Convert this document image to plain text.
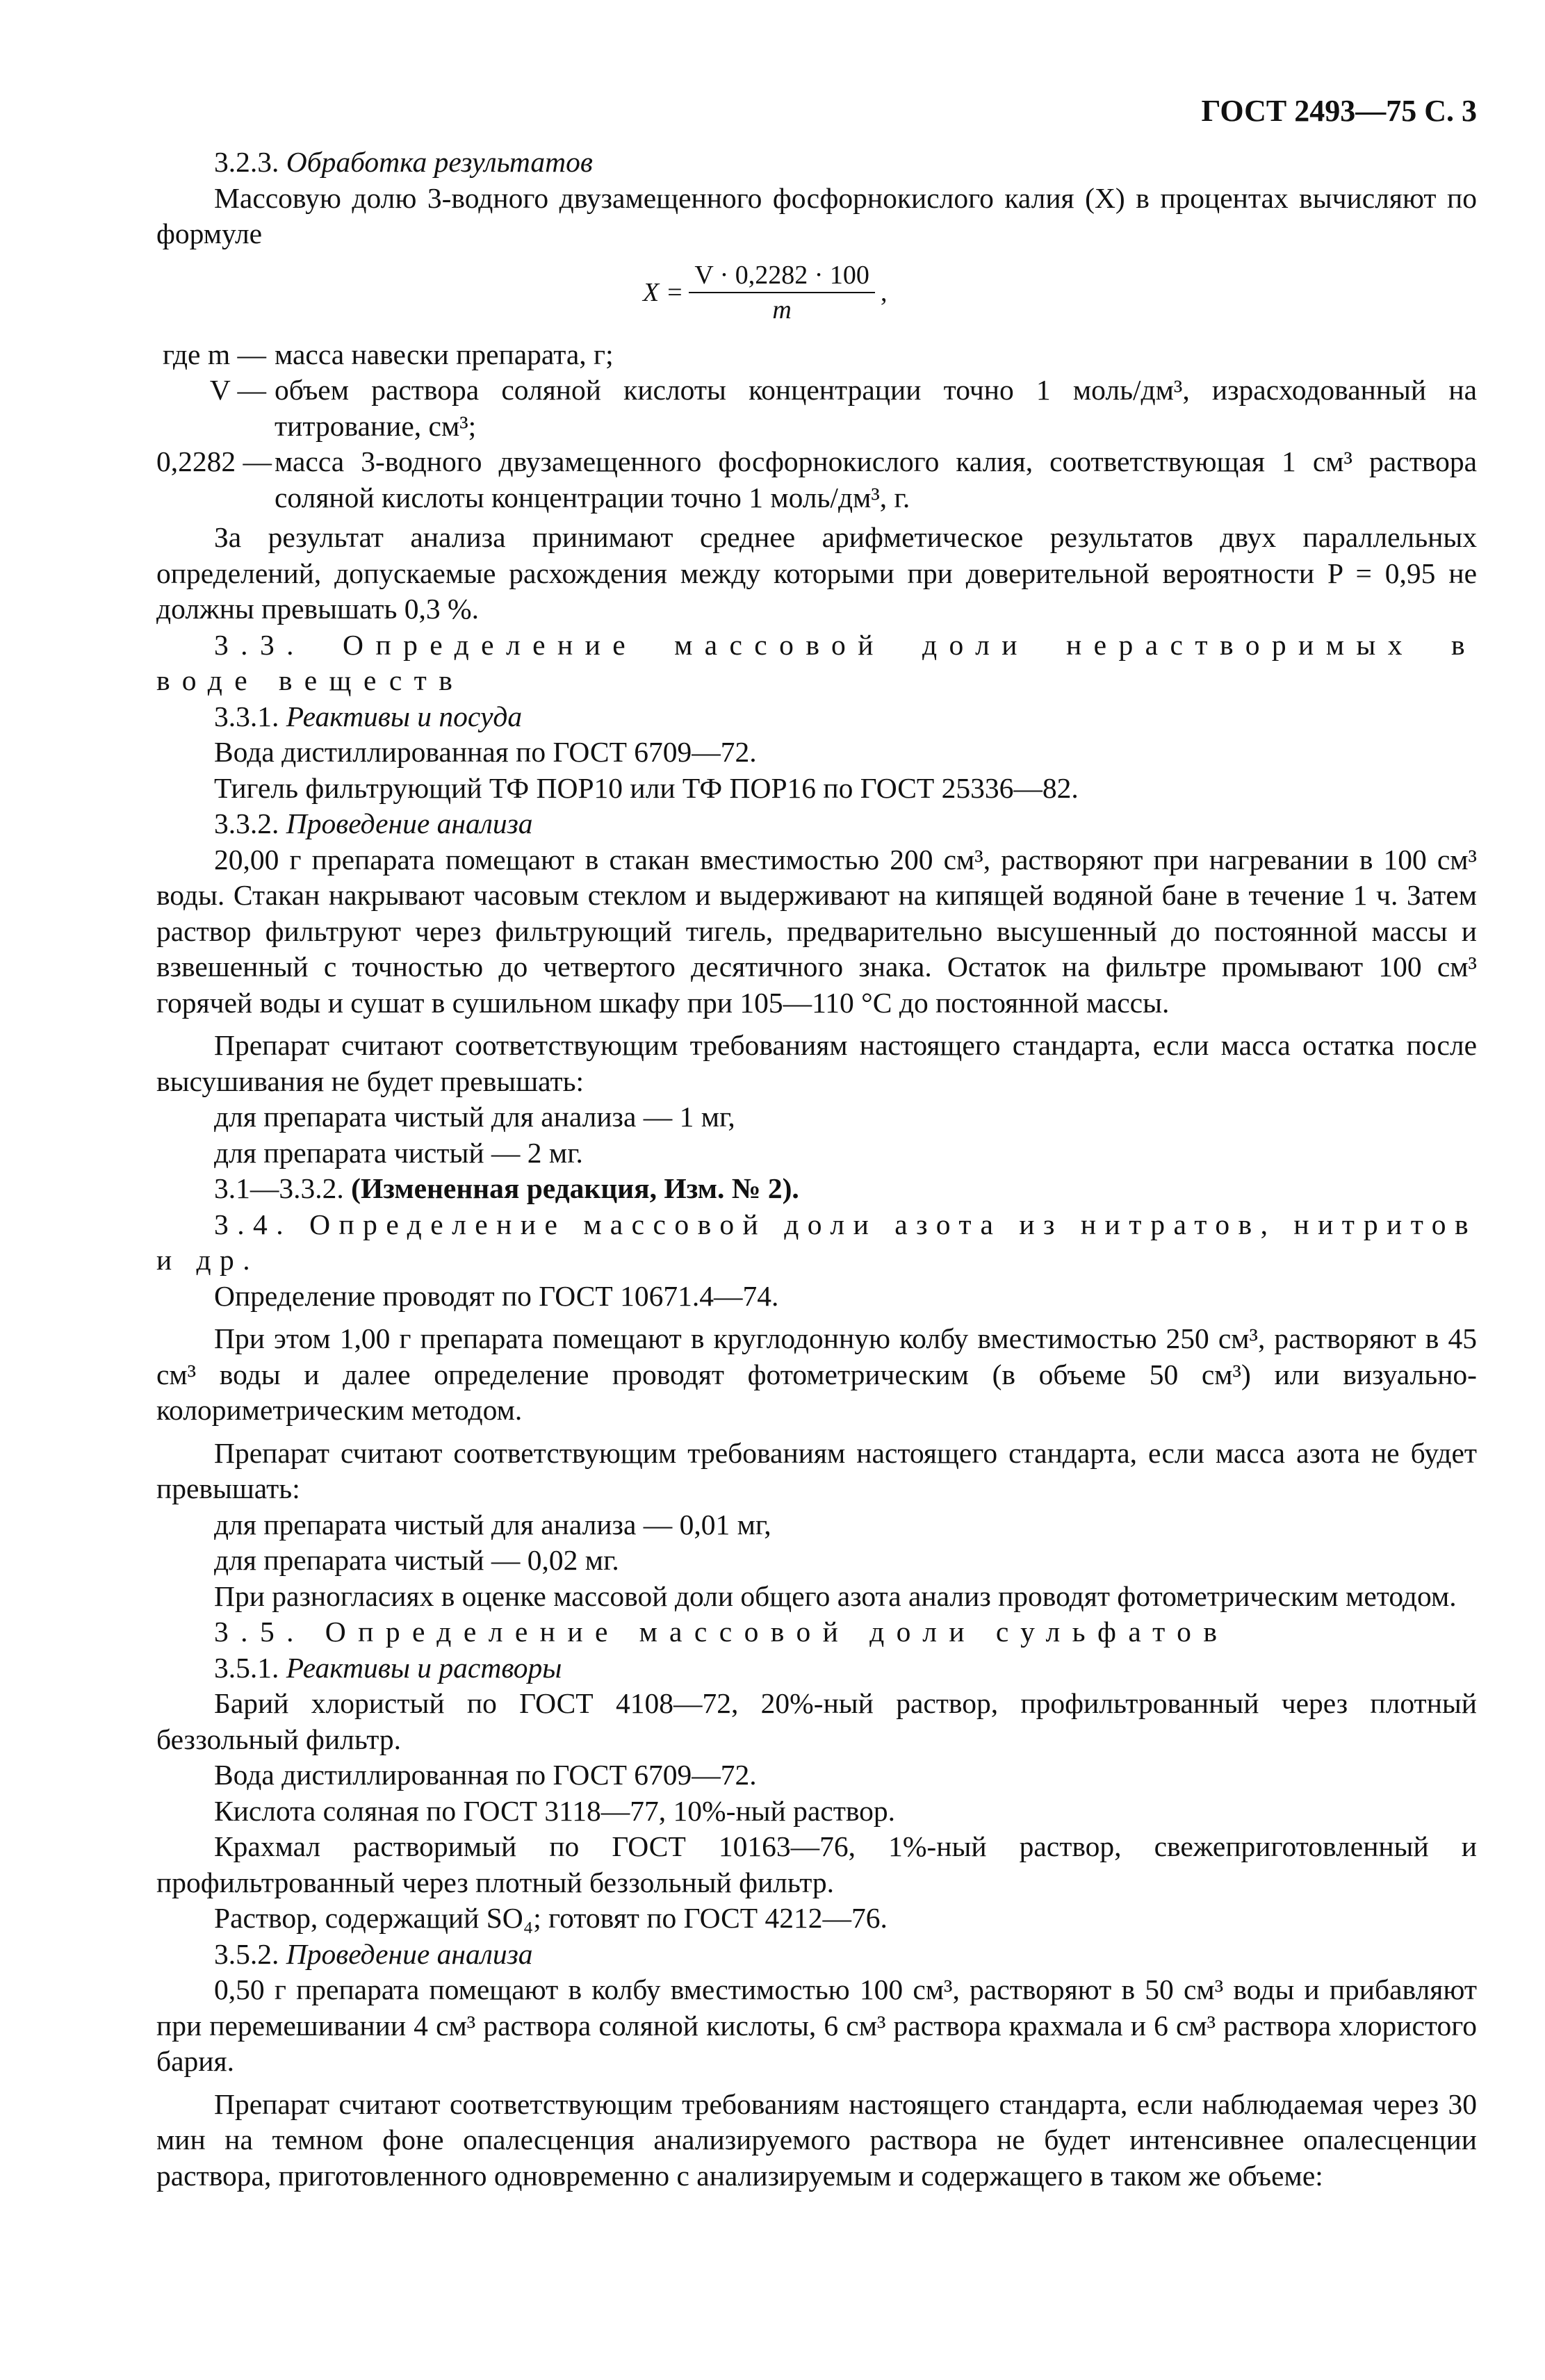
ГОСТ 2493—75 С. 3

3.2.3. Обработка результатов

Массовую долю 3-водного двузамещенного фосфорнокислого калия (X) в процентах вычисляют по формуле

$X = \frac{V \cdot 0,2282 \cdot 100}{m}$ ,
где m — масса навески препарата, г;
V — объем раствора соляной кислоты концентрации точно 1 моль/дм³, израсходованный на титрование, см³;
0,2282 — масса 3-водного двузамещенного фосфорнокислого калия, соответствующая 1 см³ раствора соляной кислоты концентрации точно 1 моль/дм³, г.

За результат анализа принимают среднее арифметическое результатов двух параллельных определений, допускаемые расхождения между которыми при доверительной вероятности P = 0,95 не должны превышать 0,3 %.

3.3. Определение массовой доли нерастворимых в воде веществ

3.3.1. Реактивы и посуда

Вода дистиллированная по ГОСТ 6709—72.

Тигель фильтрующий ТФ ПОР10 или ТФ ПОР16 по ГОСТ 25336—82.

3.3.2. Проведение анализа

20,00 г препарата помещают в стакан вместимостью 200 см³, растворяют при нагревании в 100 см³ воды. Стакан накрывают часовым стеклом и выдерживают на кипящей водяной бане в течение 1 ч. Затем раствор фильтруют через фильтрующий тигель, предварительно высушенный до постоянной массы и взвешенный с точностью до четвертого десятичного знака. Остаток на фильтре промывают 100 см³ горячей воды и сушат в сушильном шкафу при 105—110 °С до постоянной массы.

Препарат считают соответствующим требованиям настоящего стандарта, если масса остатка после высушивания не будет превышать:

для препарата чистый для анализа — 1 мг,

для препарата чистый — 2 мг.

3.1—3.3.2. (Измененная редакция, Изм. № 2).

3.4. Определение массовой доли азота из нитратов, нитритов и др.

Определение проводят по ГОСТ 10671.4—74.

При этом 1,00 г препарата помещают в круглодонную колбу вместимостью 250 см³, растворяют в 45 см³ воды и далее определение проводят фотометрическим (в объеме 50 см³) или визуально-колориметрическим методом.

Препарат считают соответствующим требованиям настоящего стандарта, если масса азота не будет превышать:

для препарата чистый для анализа — 0,01 мг,

для препарата чистый — 0,02 мг.

При разногласиях в оценке массовой доли общего азота анализ проводят фотометрическим методом.

3.5. Определение массовой доли сульфатов

3.5.1. Реактивы и растворы

Барий хлористый по ГОСТ 4108—72, 20%-ный раствор, профильтрованный через плотный беззольный фильтр.

Вода дистиллированная по ГОСТ 6709—72.

Кислота соляная по ГОСТ 3118—77, 10%-ный раствор.

Крахмал растворимый по ГОСТ 10163—76, 1%-ный раствор, свежеприготовленный и профильтрованный через плотный беззольный фильтр.

Раствор, содержащий SO₄; готовят по ГОСТ 4212—76.

3.5.2. Проведение анализа

0,50 г препарата помещают в колбу вместимостью 100 см³, растворяют в 50 см³ воды и прибавляют при перемешивании 4 см³ раствора соляной кислоты, 6 см³ раствора крахмала и 6 см³ раствора хлористого бария.

Препарат считают соответствующим требованиям настоящего стандарта, если наблюдаемая через 30 мин на темном фоне опалесценция анализируемого раствора не будет интенсивнее опалесценции раствора, приготовленного одновременно с анализируемым и содержащего в таком же объеме:
